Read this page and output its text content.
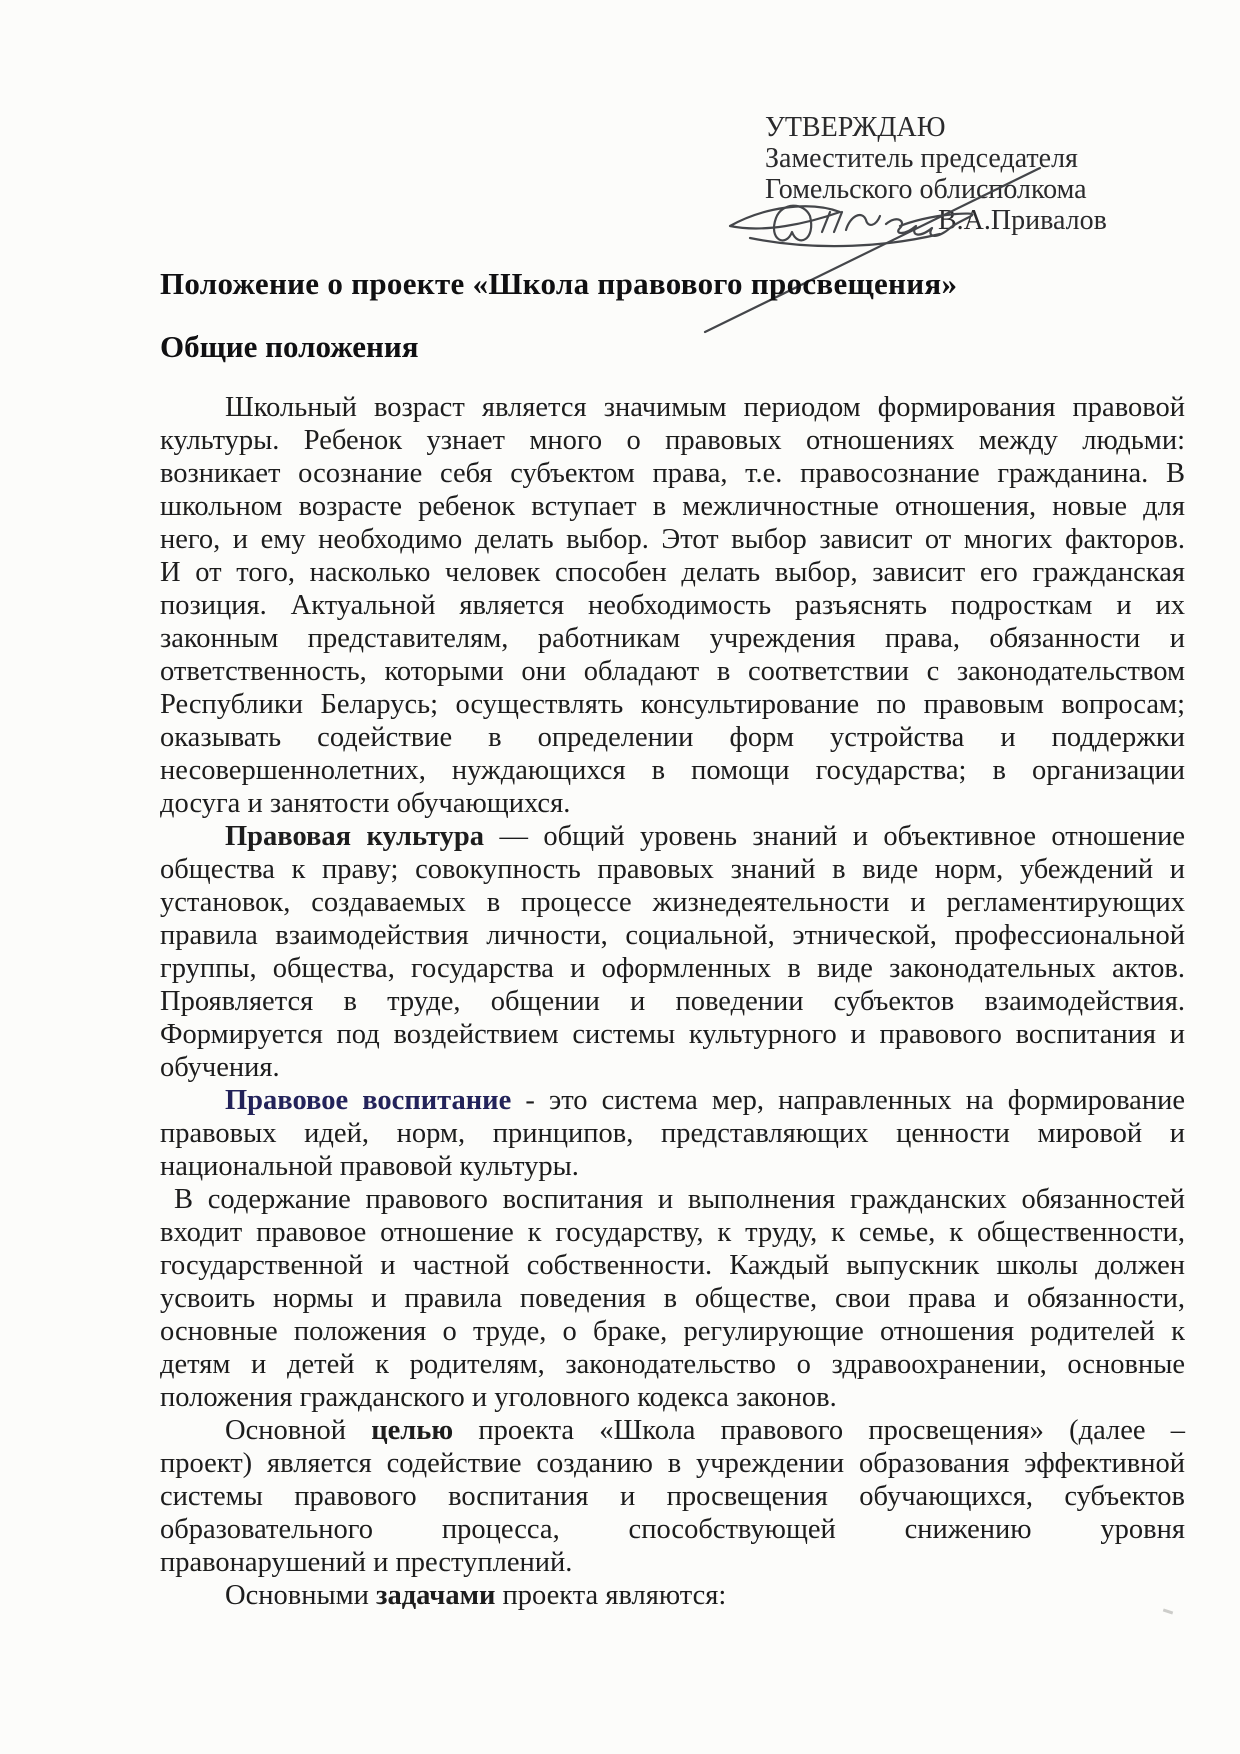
УТВЕРЖДАЮ
Заместитель председателя
Гомельского облисполкома
В.А.Привалов
Положение о проекте «Школа правового просвещения»
Общие положения
Школьный возраст является значимым периодом формирования правовой
культуры. Ребенок узнает много о правовых отношениях между людьми:
возникает осознание себя субъектом права, т.е. правосознание гражданина. В
школьном возрасте ребенок вступает в межличностные отношения, новые для
него, и ему необходимо делать выбор. Этот выбор зависит от многих факторов.
И от того, насколько человек способен делать выбор, зависит его гражданская
позиция. Актуальной является необходимость разъяснять подросткам и их
законным представителям, работникам учреждения права, обязанности и
ответственность, которыми они обладают в соответствии с законодательством
Республики Беларусь; осуществлять консультирование по правовым вопросам;
оказывать содействие в определении форм устройства и поддержки
несовершеннолетних, нуждающихся в помощи государства; в организации
досуга и занятости обучающихся.
Правовая культура — общий уровень знаний и объективное отношение
общества к праву; совокупность правовых знаний в виде норм, убеждений и
установок, создаваемых в процессе жизнедеятельности и регламентирующих
правила взаимодействия личности, социальной, этнической, профессиональной
группы, общества, государства и оформленных в виде законодательных актов.
Проявляется в труде, общении и поведении субъектов взаимодействия.
Формируется под воздействием системы культурного и правового воспитания и
обучения.
Правовое воспитание - это система мер, направленных на формирование
правовых идей, норм, принципов, представляющих ценности мировой и
национальной правовой культуры.
В содержание правового воспитания и выполнения гражданских обязанностей
входит правовое отношение к государству, к труду, к семье, к общественности,
государственной и частной собственности. Каждый выпускник школы должен
усвоить нормы и правила поведения в обществе, свои права и обязанности,
основные положения о труде, о браке, регулирующие отношения родителей к
детям и детей к родителям, законодательство о здравоохранении, основные
положения гражданского и уголовного кодекса законов.
Основной целью проекта «Школа правового просвещения» (далее –
проект) является содействие созданию в учреждении образования эффективной
системы правового воспитания и просвещения обучающихся, субъектов
образовательного процесса, способствующей снижению уровня
правонарушений и преступлений.
Основными задачами проекта являются:
